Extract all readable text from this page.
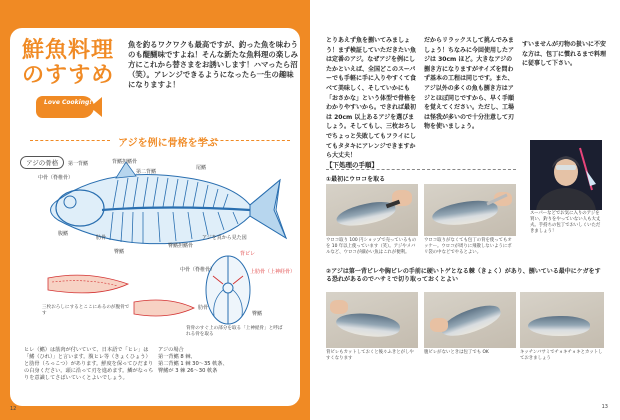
鮮魚料理
のすすめ
魚を釣るワクワクも最高ですが、釣った魚を味わうのも醍醐味ですよね！そんな新たな魚料理の楽しみ方にこれから替さまをお誘いします！ハマったら沼（笑）。アレンジできるようになったら一生の趣味になりますよ！
Love Cooking!
アジを例に骨格を学ぶ
アジの骨格	第一背鰭	背鰭担鰭骨
第二背鰭
尾鰭
中骨（脊椎骨）
腹鰭
肋骨
臀鰭
臀鰭担鰭骨
アジを真から見た図
背ビレ
中骨（脊椎骨）	上肋骨（上神経骨）
肋骨
臀鰭
三枚おろしにするとここにあるのが腹骨です
背骨のすぐ上の部分を取る「上神経骨」と呼ばれる骨を取る
ヒレ（鰭）は筋肉が付いていて、日本語で「ヒレ」は「鰭（ひれ）」と言います。腹ヒレ等（きょくひょう）と肋骨（ろっこつ）があります。鮮度を保ってひだまりの白身ください。頭に沿って刃を進めます。鱗がなっちりを意識してさばいていくとよいでしょう。
アジの場合
第一背鰭 8 棘、
第二背鰭 1 棘 30〜35 軟条、
臀鰭が 3 棘 26〜30 軟条
12
とりあえず魚を捌いてみましょう！まず検証していただきたい魚は定番のアジ。なぜアジを例にしたかといえば、全国どこのスーパーでも手軽に手に入りやすくて食べて美味しく、そしていかにも「おさかな」という体型で骨格をわかりやすいから。できれば最初は 20cm 以上あるアジを選びましょう。そしてもし、三枚おろしでちょっと失敗してもフライにしてもタタキにアレンジできますから大丈夫！
だからリラックスして挑んでみましょう！ちなみに今回使用したアジは 30cm ほど。大きなアジの捌き方になりますがサイズを問わず基本の工程は同じです。また、アジ以外の多くの魚も捌き方はアジとほぼ同じですから、早く手順を覚えてください。ただし、工場は怪我が多いので十分注意して刃物を使いましょう。
すいませんが刃物の扱いに不安な方は、包丁に慣れるまで料理に従事して下さい。
スーパーなどでお気に入りのアジを買い、釣りをやっていない人も大丈夫。手持ちの包丁でおいしくいただきましょう！
【下処理の手順】
①最初にウロコを取る
ウロコ取り 100 円ショップで売っているものを 10 年以上使っています（笑）。アジやメバルなど、ウロコが細かい魚はこれが便利。
ウロコ取りがなくても包丁の背を使ってもオッケー。ウロコが周りに飛散しないようにポリ袋の中などでやるとよい。
②アジは第一背ビレや胸ビレの手前に硬いトゲとなる棘（きょく）があり、捌いている最中にケガをする恐れがあるのでハサミで切り取っておくとよい
背ビレもカットしておくと後々ふきとがしやすくなります
腹ビレがないときは包丁でも OK	キッチンバサミでチョキチョキとカットしておきましょう
13
